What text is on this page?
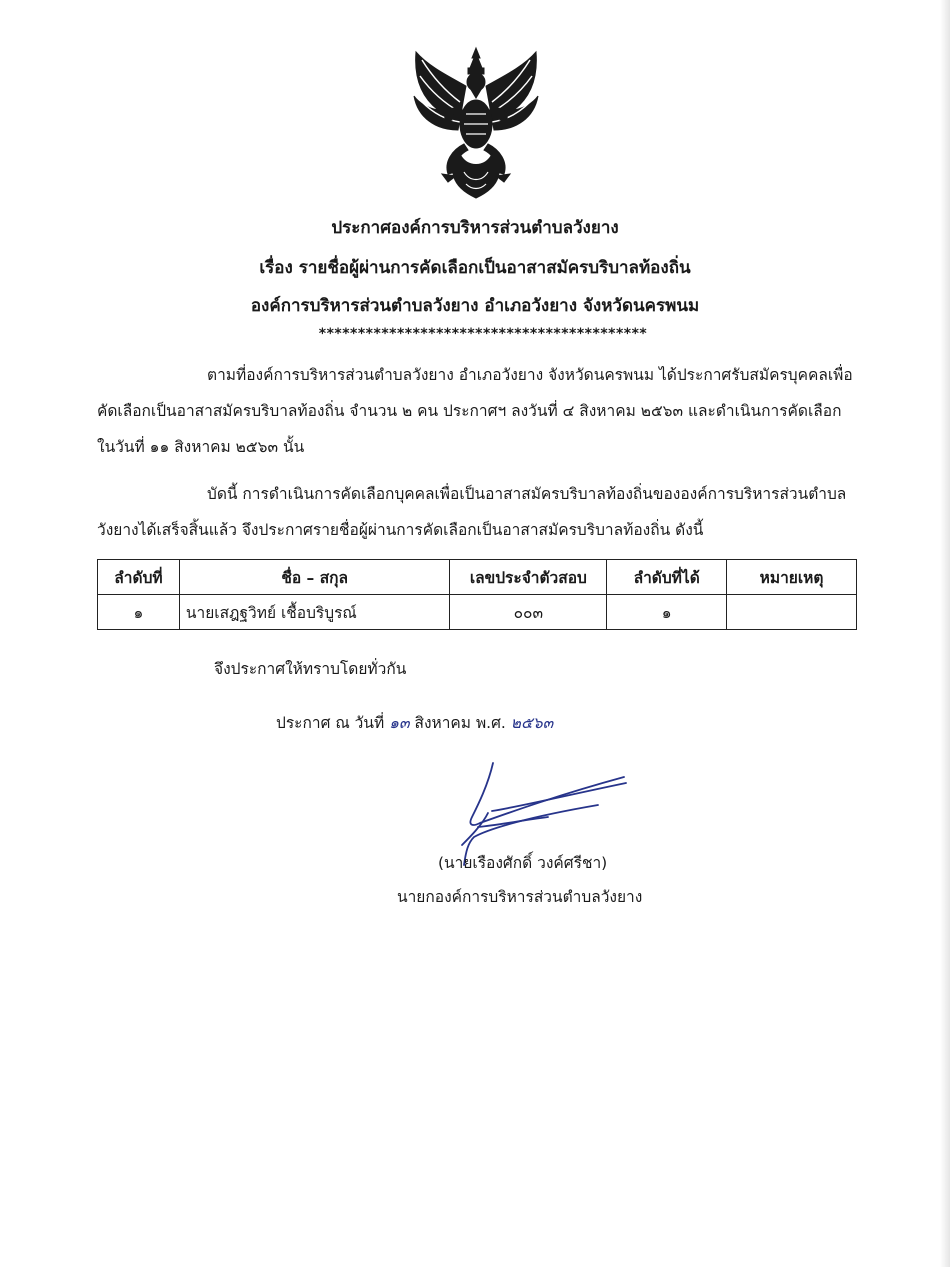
ประกาศองค์การบริหารส่วนตำบลวังยาง
เรื่อง รายชื่อผู้ผ่านการคัดเลือกเป็นอาสาสมัครบริบาลท้องถิ่น
องค์การบริหารส่วนตำบลวังยาง อำเภอวังยาง จังหวัดนครพนม
******************************************
ตามที่องค์การบริหารส่วนตำบลวังยาง อำเภอวังยาง จังหวัดนครพนม ได้ประกาศรับสมัครบุคคลเพื่อคัดเลือกเป็นอาสาสมัครบริบาลท้องถิ่น จำนวน ๒ คน ประกาศฯ ลงวันที่ ๔ สิงหาคม ๒๕๖๓ และดำเนินการคัดเลือกในวันที่ ๑๑ สิงหาคม ๒๕๖๓ นั้น
บัดนี้ การดำเนินการคัดเลือกบุคคลเพื่อเป็นอาสาสมัครบริบาลท้องถิ่นขององค์การบริหารส่วนตำบลวังยางได้เสร็จสิ้นแล้ว จึงประกาศรายชื่อผู้ผ่านการคัดเลือกเป็นอาสาสมัครบริบาลท้องถิ่น ดังนี้
ลำดับที่	ชื่อ – สกุล	เลขประจำตัวสอบ	ลำดับที่ได้	หมายเหตุ
๑	นายเสฎฐวิทย์ เชื้อบริบูรณ์	๐๐๓	๑	
จึงประกาศให้ทราบโดยทั่วกัน
ประกาศ ณ วันที่ ๑๓ สิงหาคม พ.ศ. ๒๕๖๓
(นายเรืองศักดิ์ วงค์ศรีชา)
นายกองค์การบริหารส่วนตำบลวังยาง
